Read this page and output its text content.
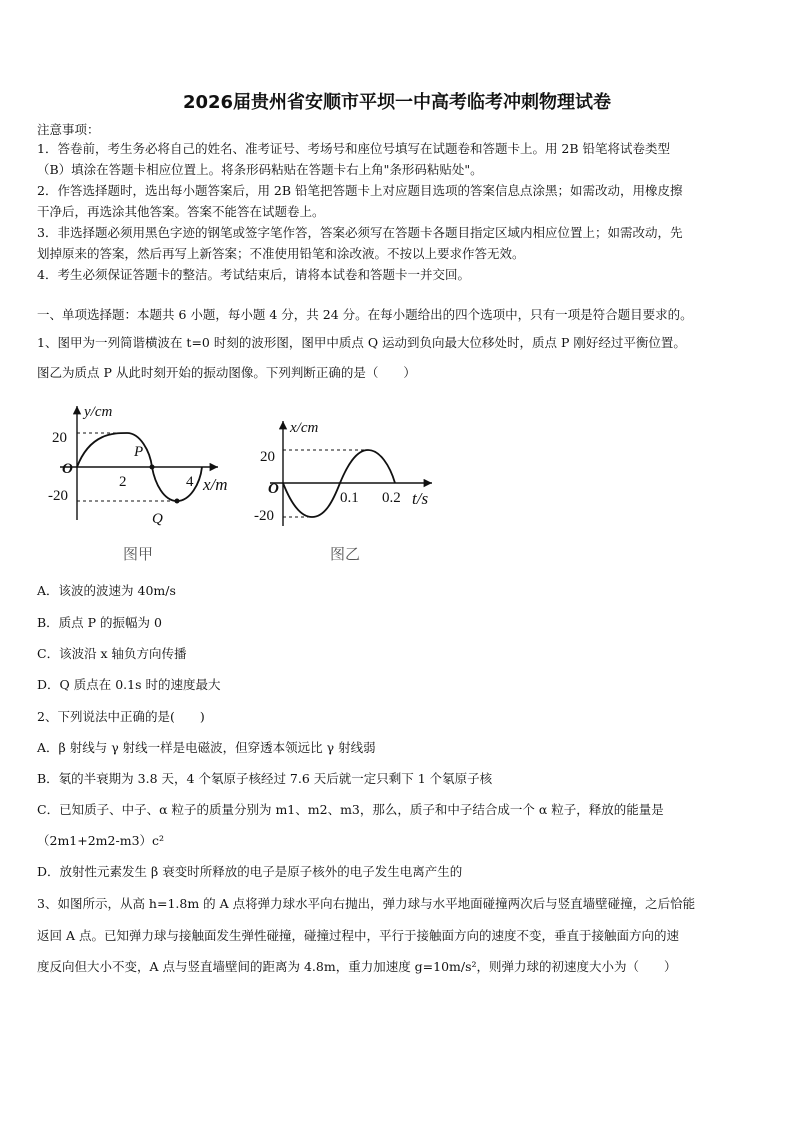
2026届贵州省安顺市平坝一中高考临考冲刺物理试卷
注意事项：
1．答卷前，考生务必将自己的姓名、准考证号、考场号和座位号填写在试题卷和答题卡上。用 2B 铅笔将试卷类型
（B）填涂在答题卡相应位置上。将条形码粘贴在答题卡右上角"条形码粘贴处"。
2．作答选择题时，选出每小题答案后，用 2B 铅笔把答题卡上对应题目选项的答案信息点涂黑；如需改动，用橡皮擦
干净后，再选涂其他答案。答案不能答在试题卷上。
3．非选择题必须用黑色字迹的钢笔或签字笔作答，答案必须写在答题卡各题目指定区域内相应位置上；如需改动，先
划掉原来的答案，然后再写上新答案；不准使用铅笔和涂改液。不按以上要求作答无效。
4．考生必须保证答题卡的整洁。考试结束后，请将本试卷和答题卡一并交回。
一、单项选择题：本题共 6 小题，每小题 4 分，共 24 分。在每小题给出的四个选项中，只有一项是符合题目要求的。
1、图甲为一列简谐横波在 t=0 时刻的波形图，图甲中质点 Q 运动到负向最大位移处时，质点 P 刚好经过平衡位置。
图乙为质点 P 从此时刻开始的振动图像。下列判断正确的是（　　）
y/cm
20
O
-20
2	4 x/m
P
Q
x/cm
20
O
-20
0.1 0.2 t/s
图甲	图乙
A．该波的波速为 40m/s
B．质点 P 的振幅为 0
C．该波沿 x 轴负方向传播
D．Q 质点在 0.1s 时的速度最大
2、下列说法中正确的是(　　)
A．β 射线与 γ 射线一样是电磁波，但穿透本领远比 γ 射线弱
B．氡的半衰期为 3.8 天，4 个氡原子核经过 7.6 天后就一定只剩下 1 个氡原子核
C．已知质子、中子、α 粒子的质量分别为 m1、m2、m3，那么，质子和中子结合成一个 α 粒子，释放的能量是
（2m1+2m2-m3）c²
D．放射性元素发生 β 衰变时所释放的电子是原子核外的电子发生电离产生的
3、如图所示，从高 h=1.8m 的 A 点将弹力球水平向右抛出，弹力球与水平地面碰撞两次后与竖直墙壁碰撞，之后恰能
返回 A 点。已知弹力球与接触面发生弹性碰撞，碰撞过程中，平行于接触面方向的速度不变，垂直于接触面方向的速
度反向但大小不变，A 点与竖直墙壁间的距离为 4.8m，重力加速度 g=10m/s²，则弹力球的初速度大小为（　　）
